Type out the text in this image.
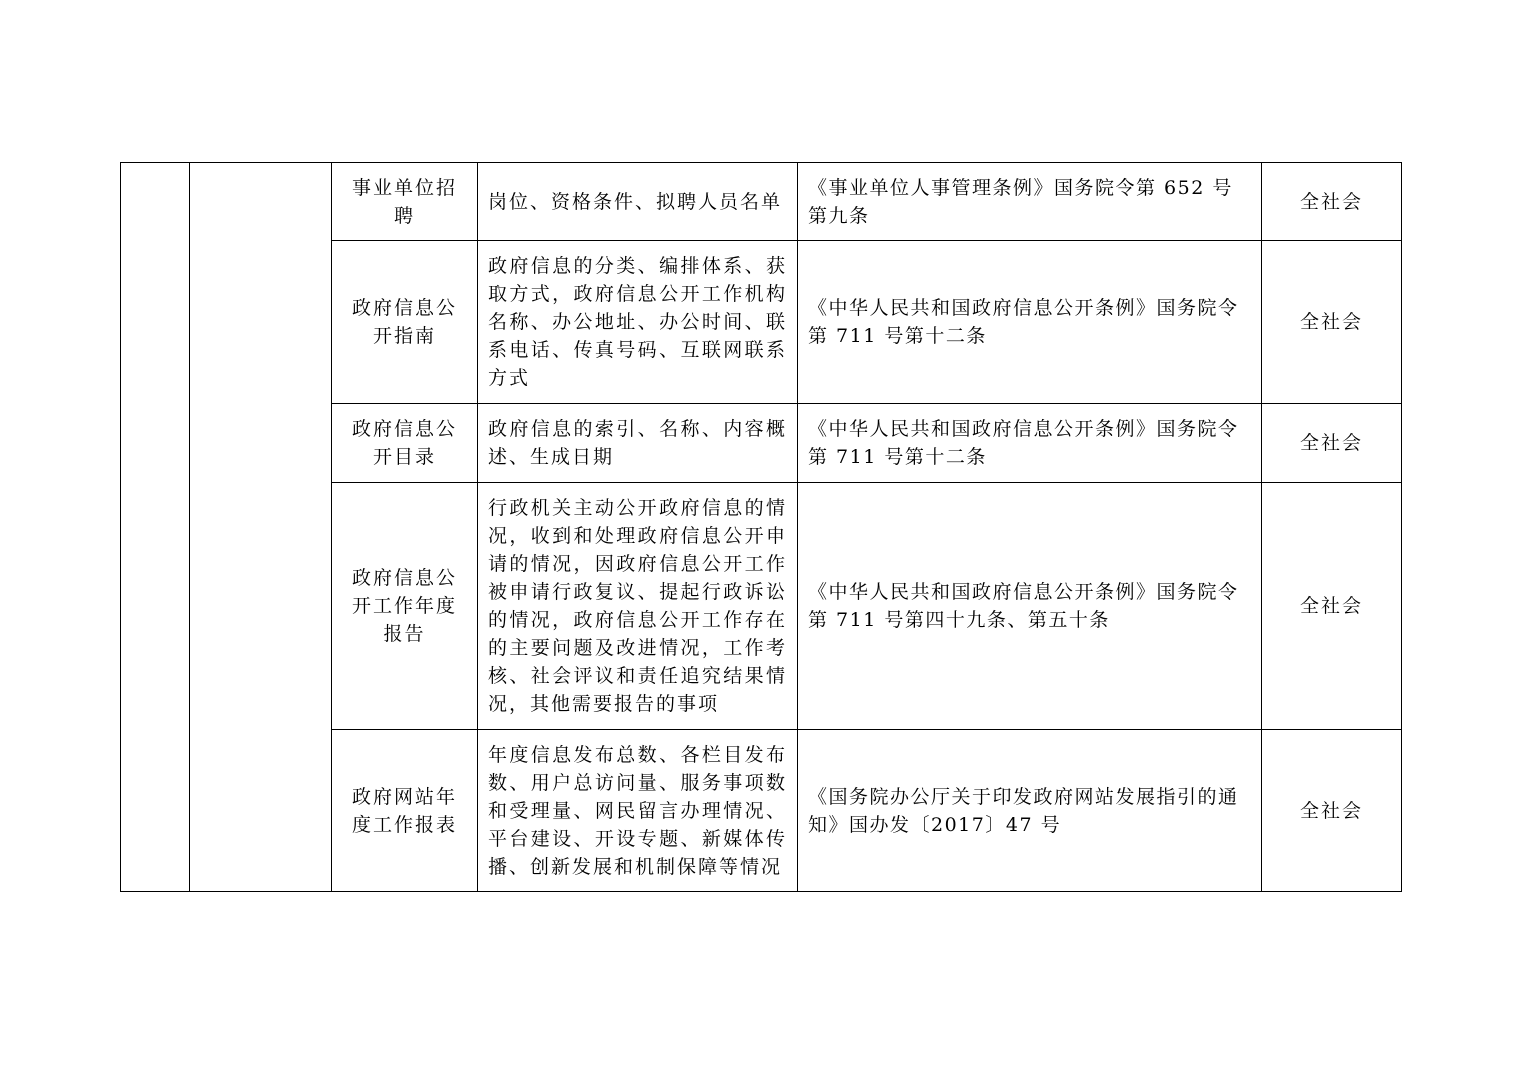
		事业单位招聘	岗位、资格条件、拟聘人员名单	《事业单位人事管理条例》国务院令第 652 号第九条	全社会
		政府信息公开指南	政府信息的分类、编排体系、获取方式，政府信息公开工作机构名称、办公地址、办公时间、联系电话、传真号码、互联网联系方式	《中华人民共和国政府信息公开条例》国务院令第 711 号第十二条	全社会
		政府信息公开目录	政府信息的索引、名称、内容概述、生成日期	《中华人民共和国政府信息公开条例》国务院令第 711 号第十二条	全社会
		政府信息公开工作年度报告	行政机关主动公开政府信息的情况，收到和处理政府信息公开申请的情况，因政府信息公开工作被申请行政复议、提起行政诉讼的情况，政府信息公开工作存在的主要问题及改进情况，工作考核、社会评议和责任追究结果情况，其他需要报告的事项	《中华人民共和国政府信息公开条例》国务院令第 711 号第四十九条、第五十条	全社会
		政府网站年度工作报表	年度信息发布总数、各栏目发布数、用户总访问量、服务事项数和受理量、网民留言办理情况、平台建设、开设专题、新媒体传播、创新发展和机制保障等情况	《国务院办公厅关于印发政府网站发展指引的通知》国办发〔2017〕47 号	全社会
